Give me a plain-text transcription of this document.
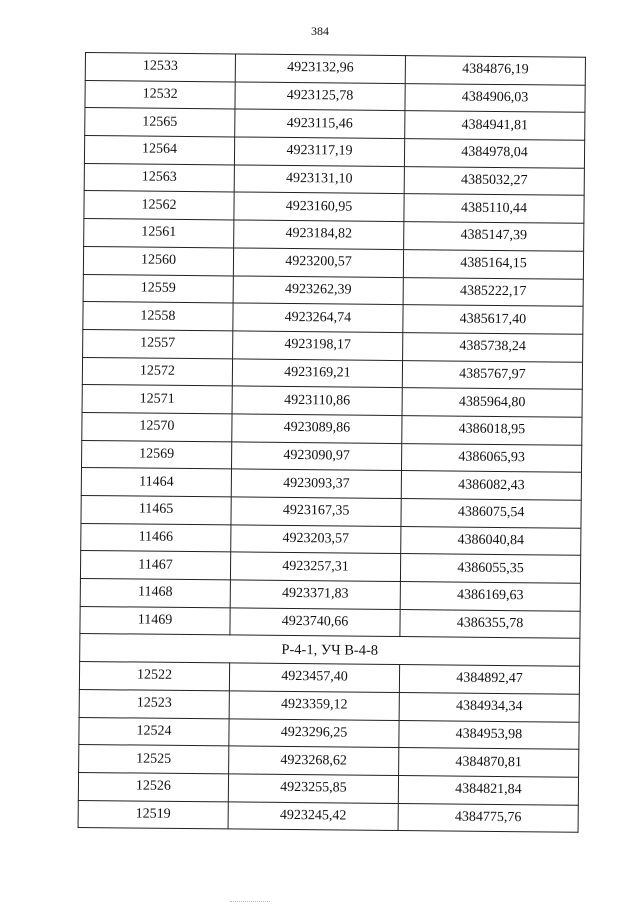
384
12533	4923132,96	4384876,19
12532	4923125,78	4384906,03
12565	4923115,46	4384941,81
12564	4923117,19	4384978,04
12563	4923131,10	4385032,27
12562	4923160,95	4385110,44
12561	4923184,82	4385147,39
12560	4923200,57	4385164,15
12559	4923262,39	4385222,17
12558	4923264,74	4385617,40
12557	4923198,17	4385738,24
12572	4923169,21	4385767,97
12571	4923110,86	4385964,80
12570	4923089,86	4386018,95
12569	4923090,97	4386065,93
11464	4923093,37	4386082,43
11465	4923167,35	4386075,54
11466	4923203,57	4386040,84
11467	4923257,31	4386055,35
11468	4923371,83	4386169,63
11469	4923740,66	4386355,78
Р-4-1, УЧ В-4-8		
12522	4923457,40	4384892,47
12523	4923359,12	4384934,34
12524	4923296,25	4384953,98
12525	4923268,62	4384870,81
12526	4923255,85	4384821,84
12519	4923245,42	4384775,76
